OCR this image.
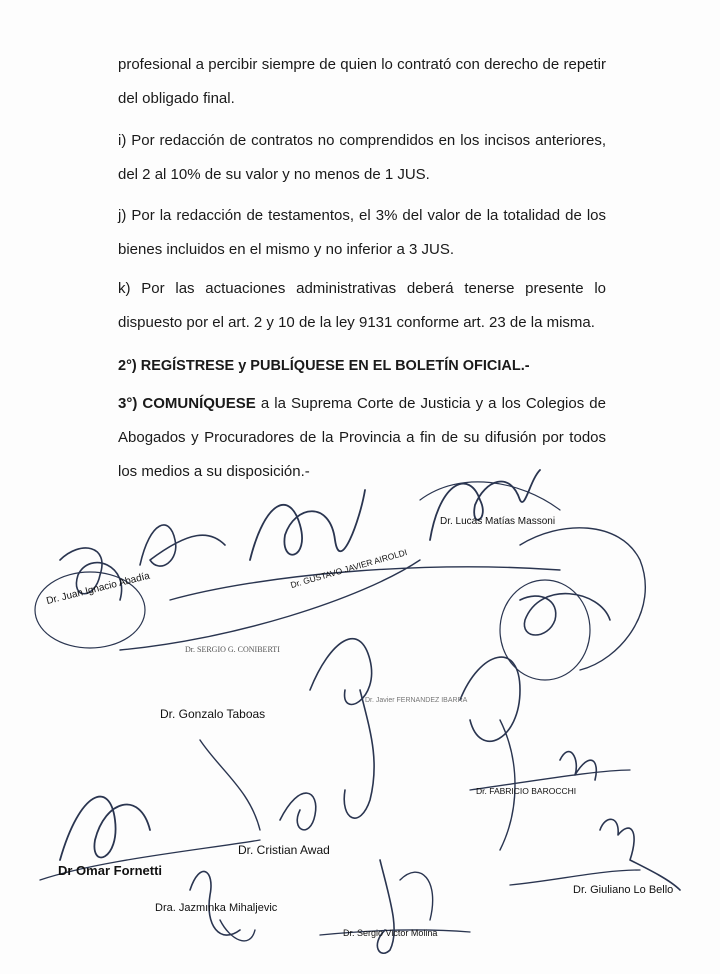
profesional a percibir siempre de quien lo contrató con derecho de repetir del obligado final.

i) Por redacción de contratos no comprendidos en los incisos anteriores, del 2 al 10% de su valor y no menos de 1 JUS.

j) Por la redacción de testamentos, el 3% del valor de la totalidad de los bienes incluidos en el mismo y no inferior a 3 JUS.

k) Por las actuaciones administrativas deberá tenerse presente lo dispuesto por el art. 2 y 10 de la ley 9131 conforme art. 23 de la misma.

2°) REGÍSTRESE y PUBLÍQUESE EN EL BOLETÍN OFICIAL.-

3°) COMUNÍQUESE a la Suprema Corte de Justicia y a los Colegios de Abogados y Procuradores de la Provincia a fin de su difusión por todos los medios a su disposición.-

Dr. Juan Ignacio Abadía
Dr. Lucas Matías Massoni
Dr. GUSTAVO JAVIER AIROLDI
Dr. SERGIO G. CONIBERTI
Dr. Gonzalo Taboas
Dr. Javier FERNANDEZ IBARRA
Dr. FABRICIO BAROCCHI
Dr. Cristian Awad
Dr Omar Fornetti
Dr. Giuliano Lo Bello
Dra. Jazmınka Mihaljevic
Dr. Sergio Victor Molina
